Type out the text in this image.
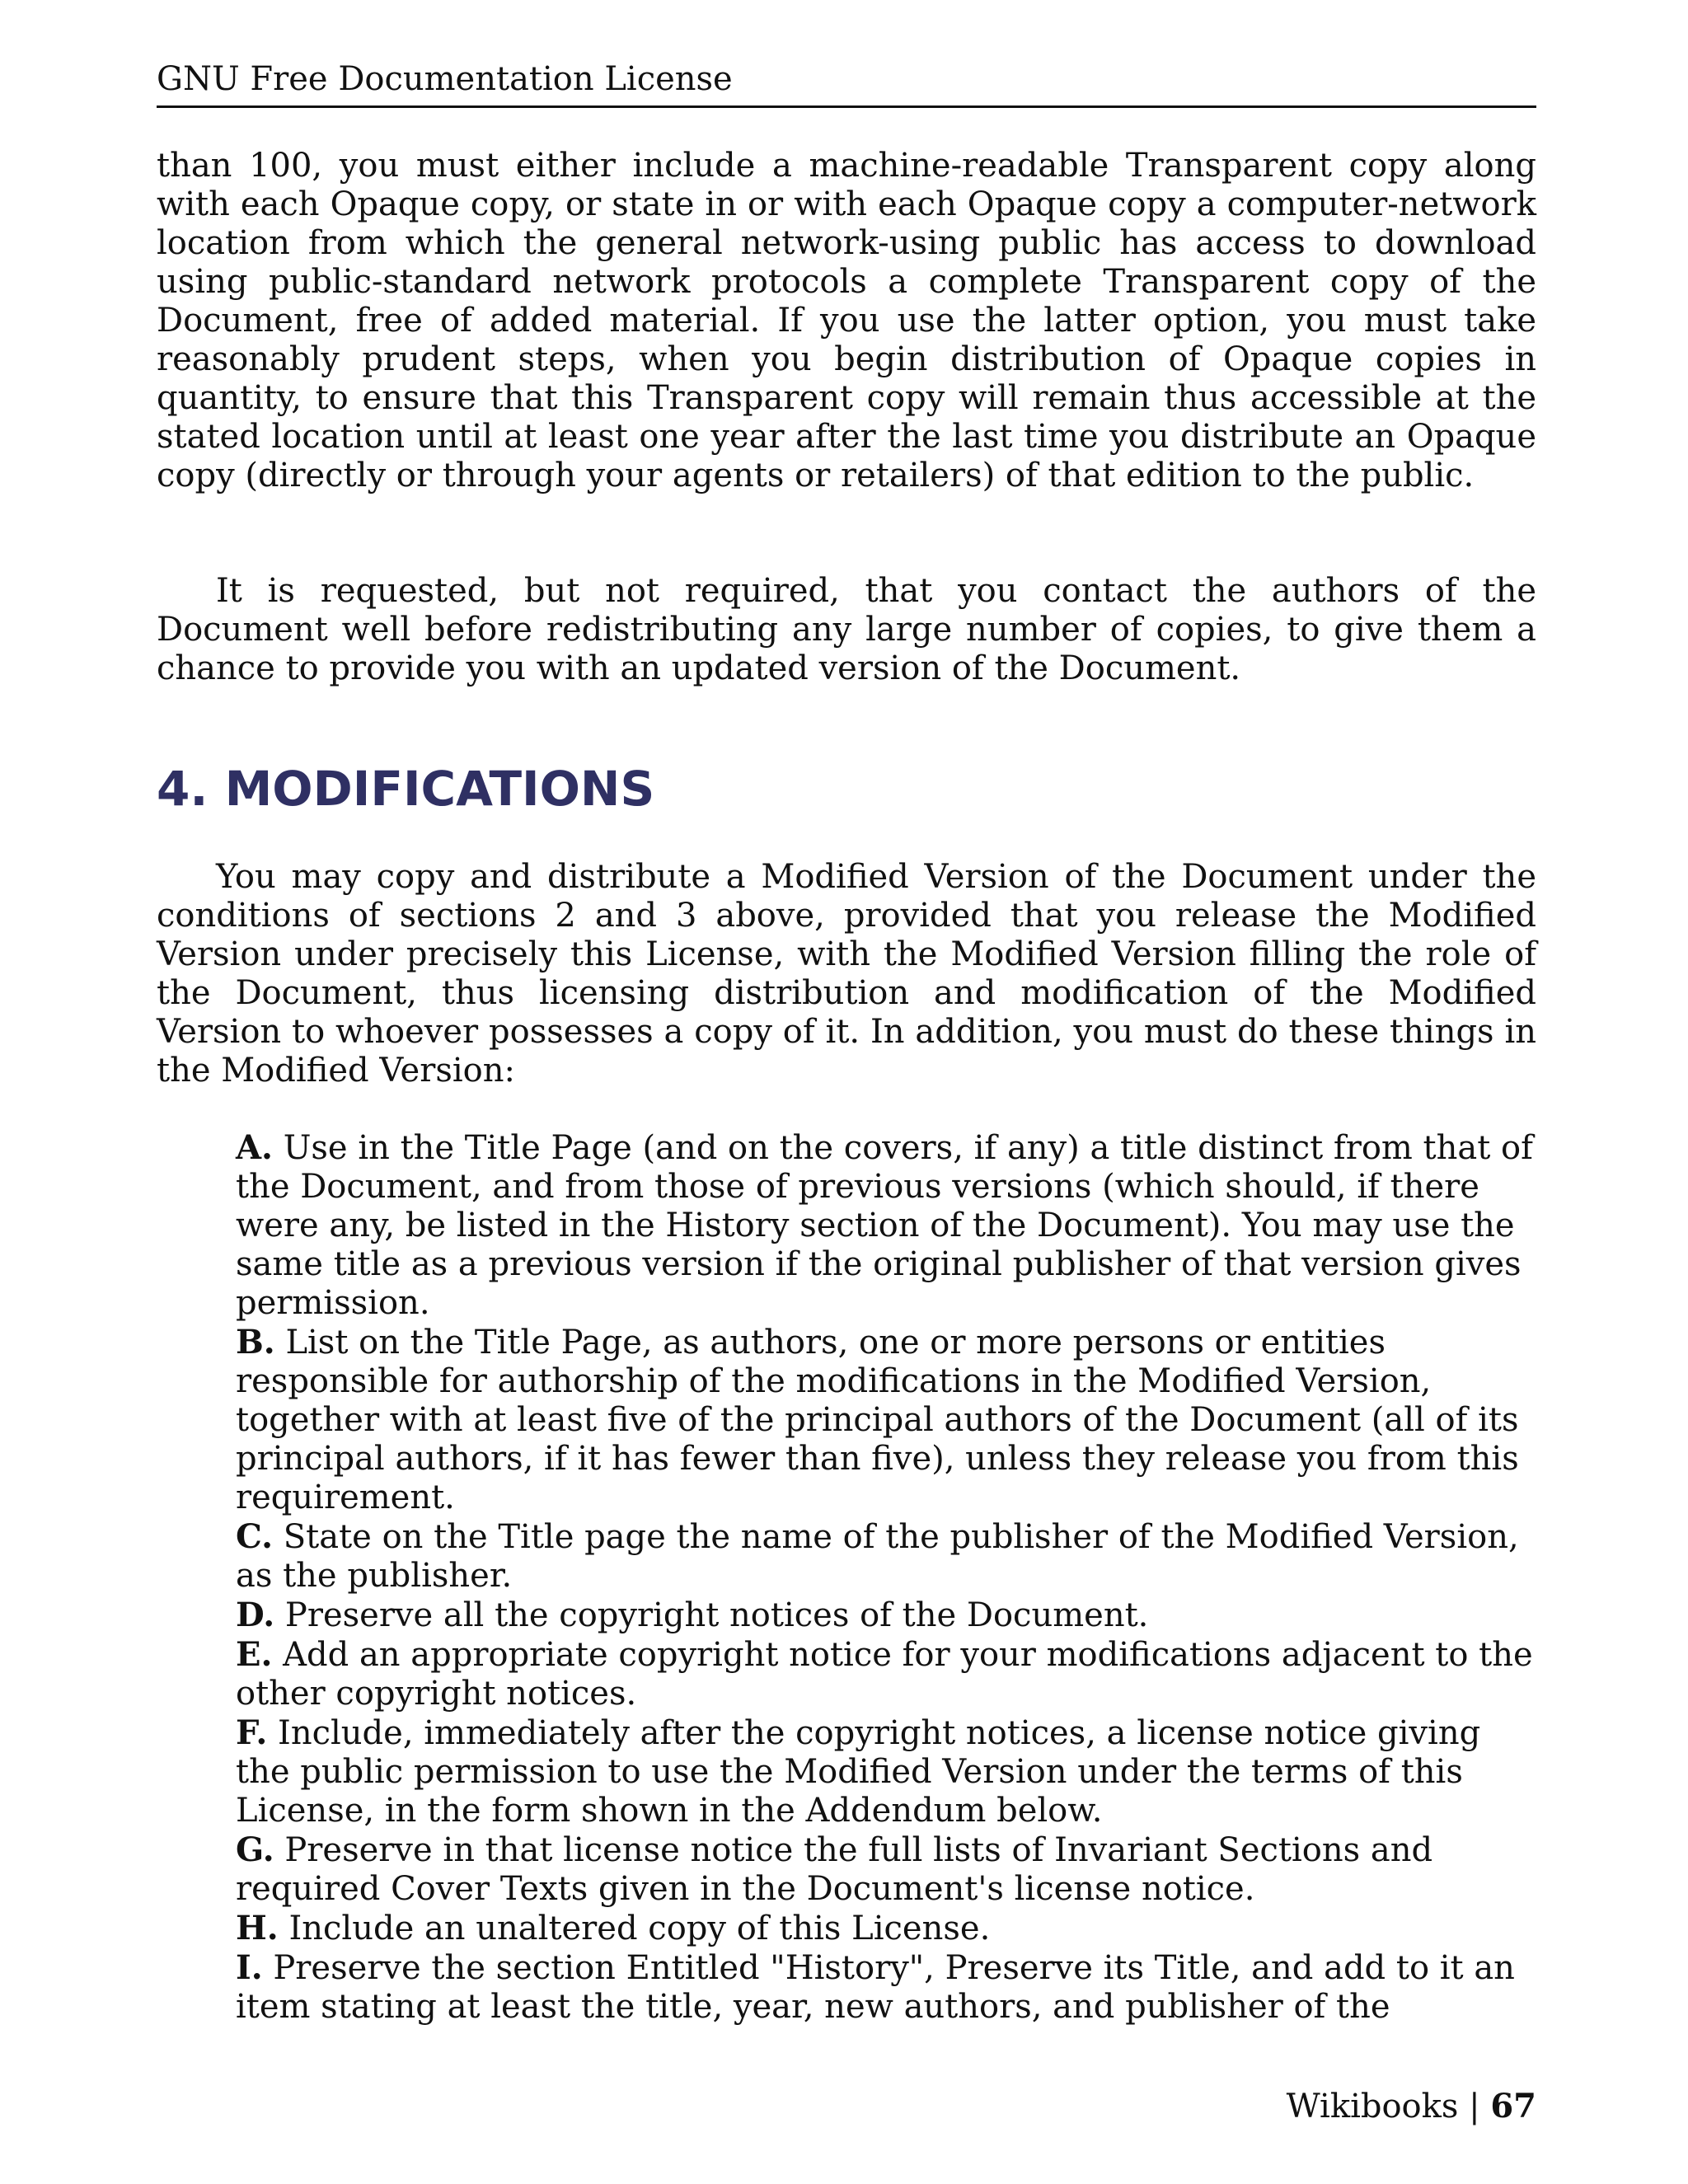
GNU Free Documentation License

than 100, you must either include a machine-readable Transparent copy along with each Opaque copy, or state in or with each Opaque copy a computer-network location from which the general network-using public has access to download using public-standard network protocols a complete Transparent copy of the Document, free of added material. If you use the latter option, you must take reasonably prudent steps, when you begin distribution of Opaque copies in quantity, to ensure that this Transparent copy will remain thus accessible at the stated location until at least one year after the last time you distribute an Opaque copy (directly or through your agents or retailers) of that edition to the public.

It is requested, but not required, that you contact the authors of the Document well before redistributing any large number of copies, to give them a chance to provide you with an updated version of the Document.

4. MODIFICATIONS

You may copy and distribute a Modified Version of the Document under the conditions of sections 2 and 3 above, provided that you release the Modified Version under precisely this License, with the Modified Version filling the role of the Document, thus licensing distribution and modification of the Modified Version to whoever possesses a copy of it. In addition, you must do these things in the Modified Version:

A. Use in the Title Page (and on the covers, if any) a title distinct from that of the Document, and from those of previous versions (which should, if there were any, be listed in the History section of the Document). You may use the same title as a previous version if the original publisher of that version gives permission.
B. List on the Title Page, as authors, one or more persons or entities responsible for authorship of the modifications in the Modified Version, together with at least five of the principal authors of the Document (all of its principal authors, if it has fewer than five), unless they release you from this requirement.
C. State on the Title page the name of the publisher of the Modified Version, as the publisher.
D. Preserve all the copyright notices of the Document.
E. Add an appropriate copyright notice for your modifications adjacent to the other copyright notices.
F. Include, immediately after the copyright notices, a license notice giving the public permission to use the Modified Version under the terms of this License, in the form shown in the Addendum below.
G. Preserve in that license notice the full lists of Invariant Sections and required Cover Texts given in the Document's license notice.
H. Include an unaltered copy of this License.
I. Preserve the section Entitled "History", Preserve its Title, and add to it an item stating at least the title, year, new authors, and publisher of the
Wikibooks | 67
